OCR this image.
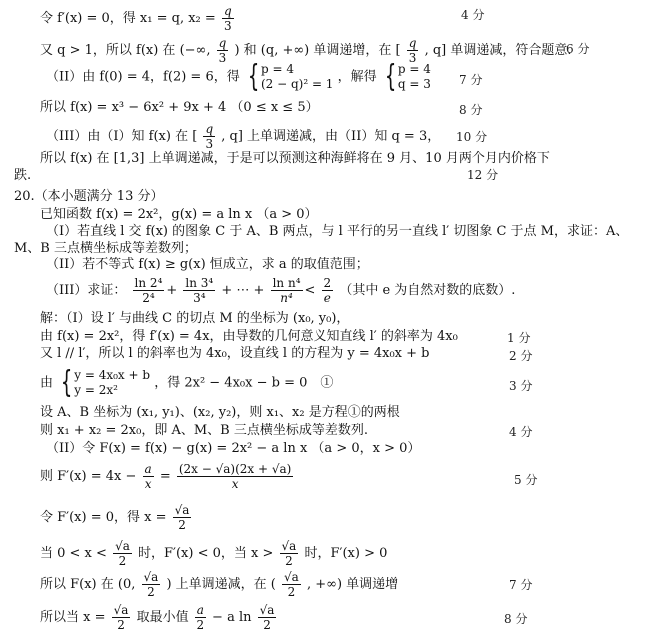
令 f′(x) = 0，得 x₁ = q, $x_2 = \frac{q}{3}$	4 分
又 q > 1，所以 f(x) 在 (−∞, $\frac{q}{3}$ ) 和 (q, +∞) 单调递增，在 [ $\frac{q}{3}$ , q] 单调递减，符合题意.
6 分
（II）由 f(0) = 4，f(2) = 6，得 { p = 4
(2 − q)² = 1 ，解得 { p = 4
q = 3 7 分
所以 f(x) = x³ − 6x² + 9x + 4 （0 ≤ x ≤ 5）	8 分
（III）由（I）知 f(x) 在 [ $\frac{q}{3}$ , q] 上单调递减，由（II）知 q = 3， 10 分
所以 f(x) 在 [1,3] 上单调递减，于是可以预测这种海鲜将在 9 月、10 月两个月内价格下
跌.	12 分
20.（本小题满分 13 分）
已知函数 f(x) = 2x²，g(x) = a ln x （a > 0）
（I）若直线 l 交 f(x) 的图象 C 于 A、B 两点，与 l 平行的另一直线 l′ 切图象 C 于点 M，求证：A、
M、B 三点横坐标成等差数列；
（II）若不等式 f(x) ≥ g(x) 恒成立，求 a 的取值范围；
（III）求证： $\frac{\text{ln 2⁴}}{\text{2⁴}} + \frac{\text{ln 3⁴}}{\text{3⁴}}$ + ⋯ + $\frac{\text{ln n⁴}}{\text{n⁴}} < \frac{2}{e}$ （其中 e 为自然对数的底数）.
解：（I）设 l′ 与曲线 C 的切点 M 的坐标为 (x₀, y₀)，
由 f(x) = 2x²，得 f′(x) = 4x，由导数的几何意义知直线 l′ 的斜率为 4x₀	1 分
又 l // l′，所以 l 的斜率也为 4x₀，设直线 l 的方程为 y = 4x₀x + b	2 分
由 { y = 4x₀x + b
y = 2x²	，得 2x² − 4x₀x − b = 0　①	3 分
设 A、B 坐标为 (x₁, y₁)、(x₂, y₂)，则 x₁、x₂ 是方程①的两根
则 x₁ + x₂ = 2x₀，即 A、M、B 三点横坐标成等差数列.	4 分
（II）令 F(x) = f(x) − g(x) = 2x² − a ln x （a > 0，x > 0）
则 $F'(x) = 4x - \frac{a}{x} = \frac{(2x - √a)(2x + √a)}{x}$	5 分
令 F′(x) = 0，得 $x = \frac{√a}{2}$
当 $0 < x < \frac{√a}{2}$ 时，F′(x) < 0，当 $x > \frac{√a}{2}$ 时，F′(x) > 0
所以 F(x) 在 (0, $\frac{√a}{2}$ ) 上单调递减，在 ( $\frac{√a}{2}$ , +∞) 单调递增	7 分
所以当 $x = \frac{√a}{2}$ 取最小值 $\frac{a}{2} - a$ $\ln \frac{√a}{2}$	8 分
